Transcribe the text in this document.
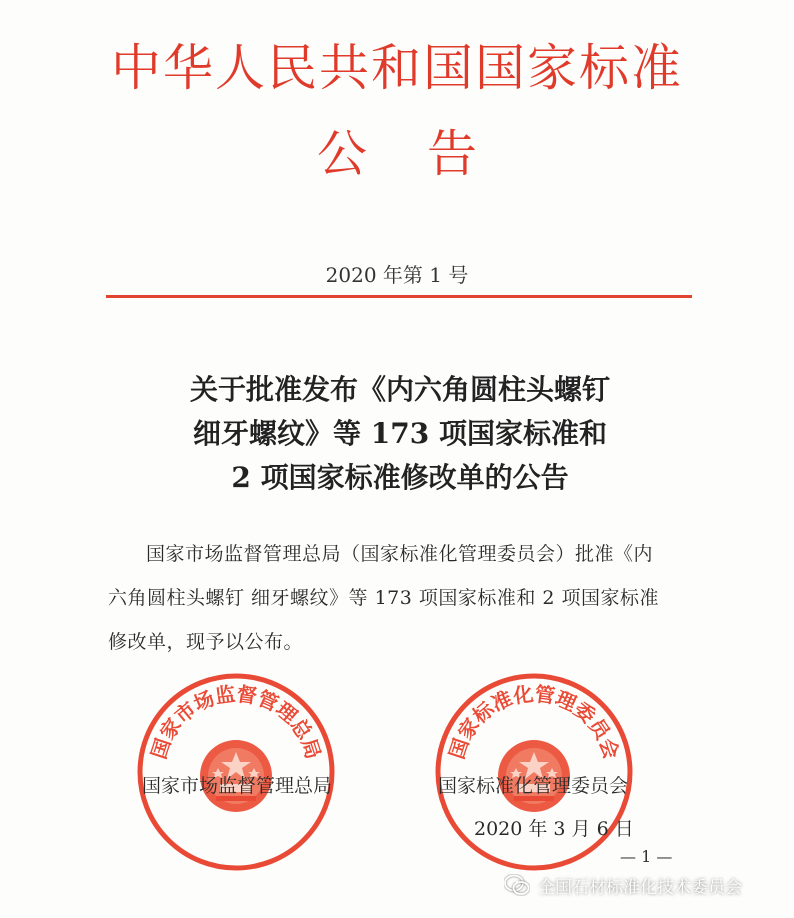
中华人民共和国国家标准
公告
2020 年第 1 号
关于批准发布《内六角圆柱头螺钉
细牙螺纹》等 173 项国家标准和
2 项国家标准修改单的公告
国家市场监督管理总局（国家标准化管理委员会）批准《内六角圆柱头螺钉 细牙螺纹》等 173 项国家标准和 2 项国家标准修改单，现予以公布。
国家市场监督管理总局	国家标准化管理委员会
国家市场监督管理总局	国家标准化管理委员会
2020 年 3 月 6 日
— 1 —
全国石材标准化技术委员会
